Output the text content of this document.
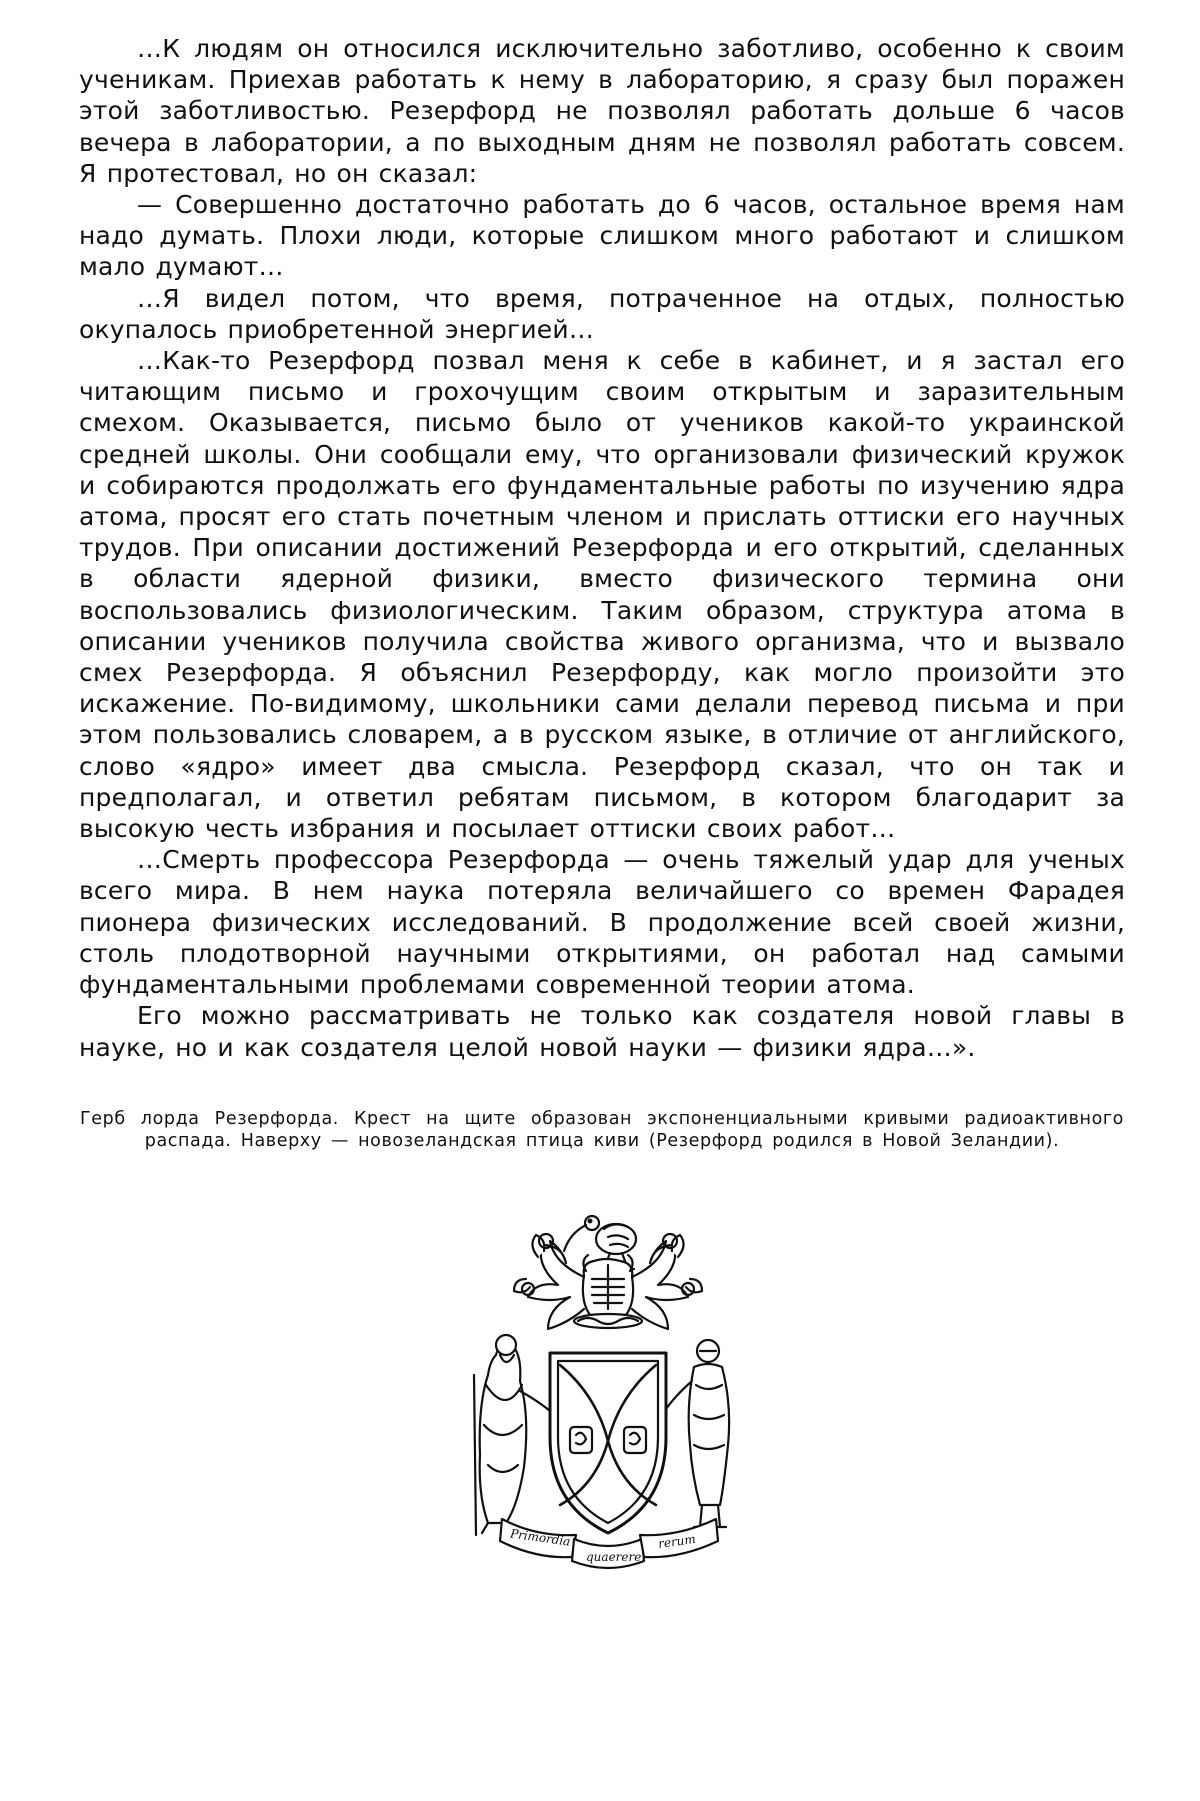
…К людям он относился исключительно заботливо, особенно к своим ученикам. Приехав работать к нему в лабораторию, я сразу был поражен этой заботливостью. Резерфорд не позволял работать дольше 6 часов вечера в лаборатории, а по выходным дням не позволял работать совсем. Я протестовал, но он сказал:

— Совершенно достаточно работать до 6 часов, остальное время нам надо думать. Плохи люди, которые слишком много работают и слишком мало думают…

…Я видел потом, что время, потраченное на отдых, полностью окупалось приобретенной энергией…

…Как-то Резерфорд позвал меня к себе в кабинет, и я застал его читающим письмо и грохочущим своим открытым и заразительным смехом. Оказывается, письмо было от учеников какой-то украинской средней школы. Они сообщали ему, что организовали физический кружок и собираются продолжать его фундаментальные работы по изучению ядра атома, просят его стать почетным членом и прислать оттиски его научных трудов. При описании достижений Резерфорда и его открытий, сделанных в области ядерной физики, вместо физического термина они воспользовались физиологическим. Таким образом, структура атома в описании учеников получила свойства живого организма, что и вызвало смех Резерфорда. Я объяснил Резерфорду, как могло произойти это искажение. По-видимому, школьники сами делали перевод письма и при этом пользовались словарем, а в русском языке, в отличие от английского, слово «ядро» имеет два смысла. Резерфорд сказал, что он так и предполагал, и ответил ребятам письмом, в котором благодарит за высокую честь избрания и посылает оттиски своих работ…

…Смерть профессора Резерфорда — очень тяжелый удар для ученых всего мира. В нем наука потеряла величайшего со времен Фарадея пионера физических исследований. В продолжение всей своей жизни, столь плодотворной научными открытиями, он работал над самыми фундаментальными проблемами современной теории атома.

Его можно рассматривать не только как создателя новой главы в науке, но и как создателя целой новой науки — физики ядра…».

Герб лорда Резерфорда. Крест на щите образован экспоненциальными кривыми радиоактивного распада. Наверху — новозеландская птица киви (Резерфорд родился в Новой Зеландии).
Primordia
quaerere
rerum
